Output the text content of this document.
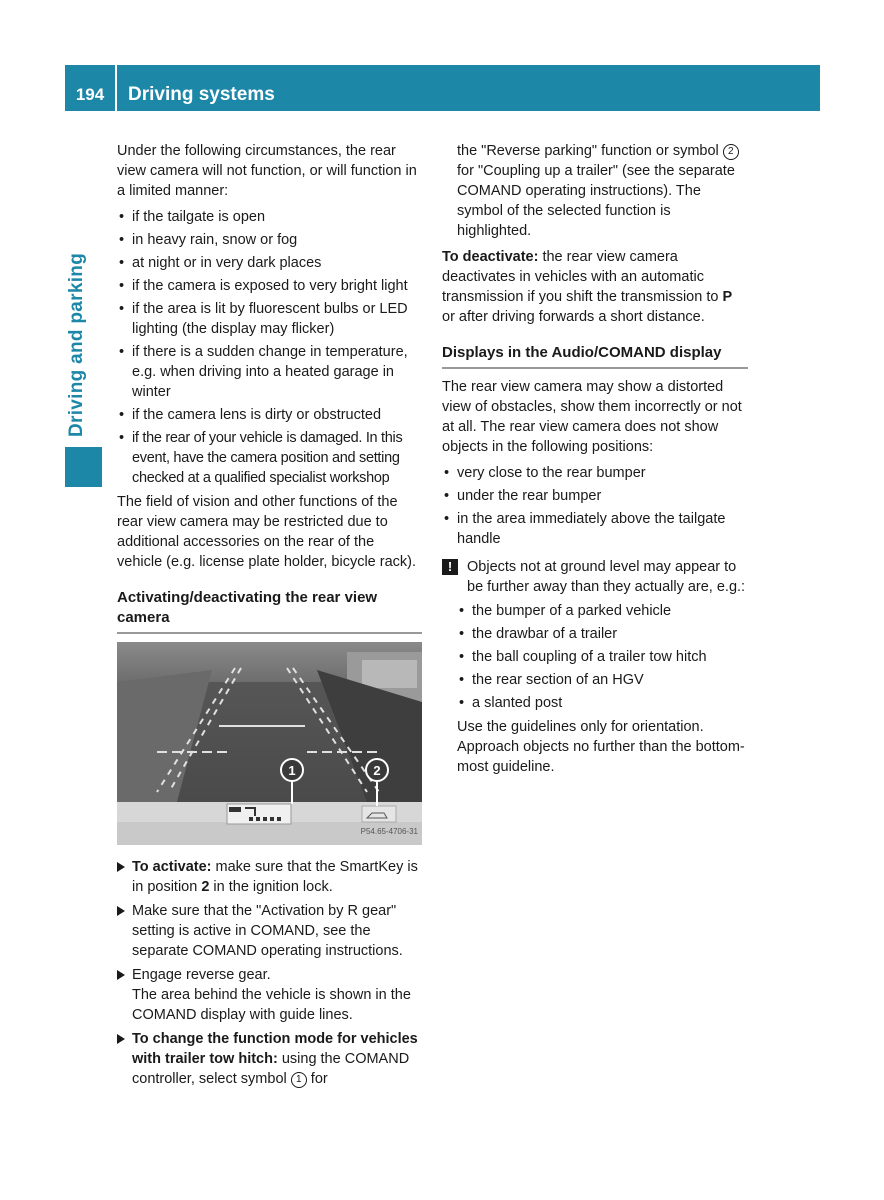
194	Driving systems

Under the following circumstances, the rear view camera will not function, or will function in a limited manner:

• if the tailgate is open
• in heavy rain, snow or fog
• at night or in very dark places
• if the camera is exposed to very bright light
• if the area is lit by fluorescent bulbs or LED lighting (the display may flicker)
• if there is a sudden change in temperature, e.g. when driving into a heated garage in winter
• if the camera lens is dirty or obstructed
• if the rear of your vehicle is damaged. In this event, have the camera position and setting checked at a qualified specialist workshop

The field of vision and other functions of the rear view camera may be restricted due to additional accessories on the rear of the vehicle (e.g. license plate holder, bicycle rack).

Activating/deactivating the rear view camera
1	2
P54.65-4706-31
To activate: make sure that the SmartKey is in position 2 in the ignition lock.
Make sure that the "Activation by R gear" setting is active in COMAND, see the separate COMAND operating instructions.
Engage reverse gear.
The area behind the vehicle is shown in the COMAND display with guide lines.
To change the function mode for vehicles with trailer tow hitch: using the COMAND controller, select symbol 1 for

the "Reverse parking" function or symbol 2 for "Coupling up a trailer" (see the separate COMAND operating instructions). The symbol of the selected function is highlighted.

To deactivate: the rear view camera deactivates in vehicles with an automatic transmission if you shift the transmission to P or after driving forwards a short distance.

Displays in the Audio/COMAND display

The rear view camera may show a distorted view of obstacles, show them incorrectly or not at all. The rear view camera does not show objects in the following positions:

• very close to the rear bumper
• under the rear bumper
• in the area immediately above the tailgate handle
!	Objects not at ground level may appear to be further away than they actually are, e.g.:
• the bumper of a parked vehicle
• the drawbar of a trailer
• the ball coupling of a trailer tow hitch
• the rear section of an HGV
• a slanted post

Use the guidelines only for orientation. Approach objects no further than the bottom-most guideline.
